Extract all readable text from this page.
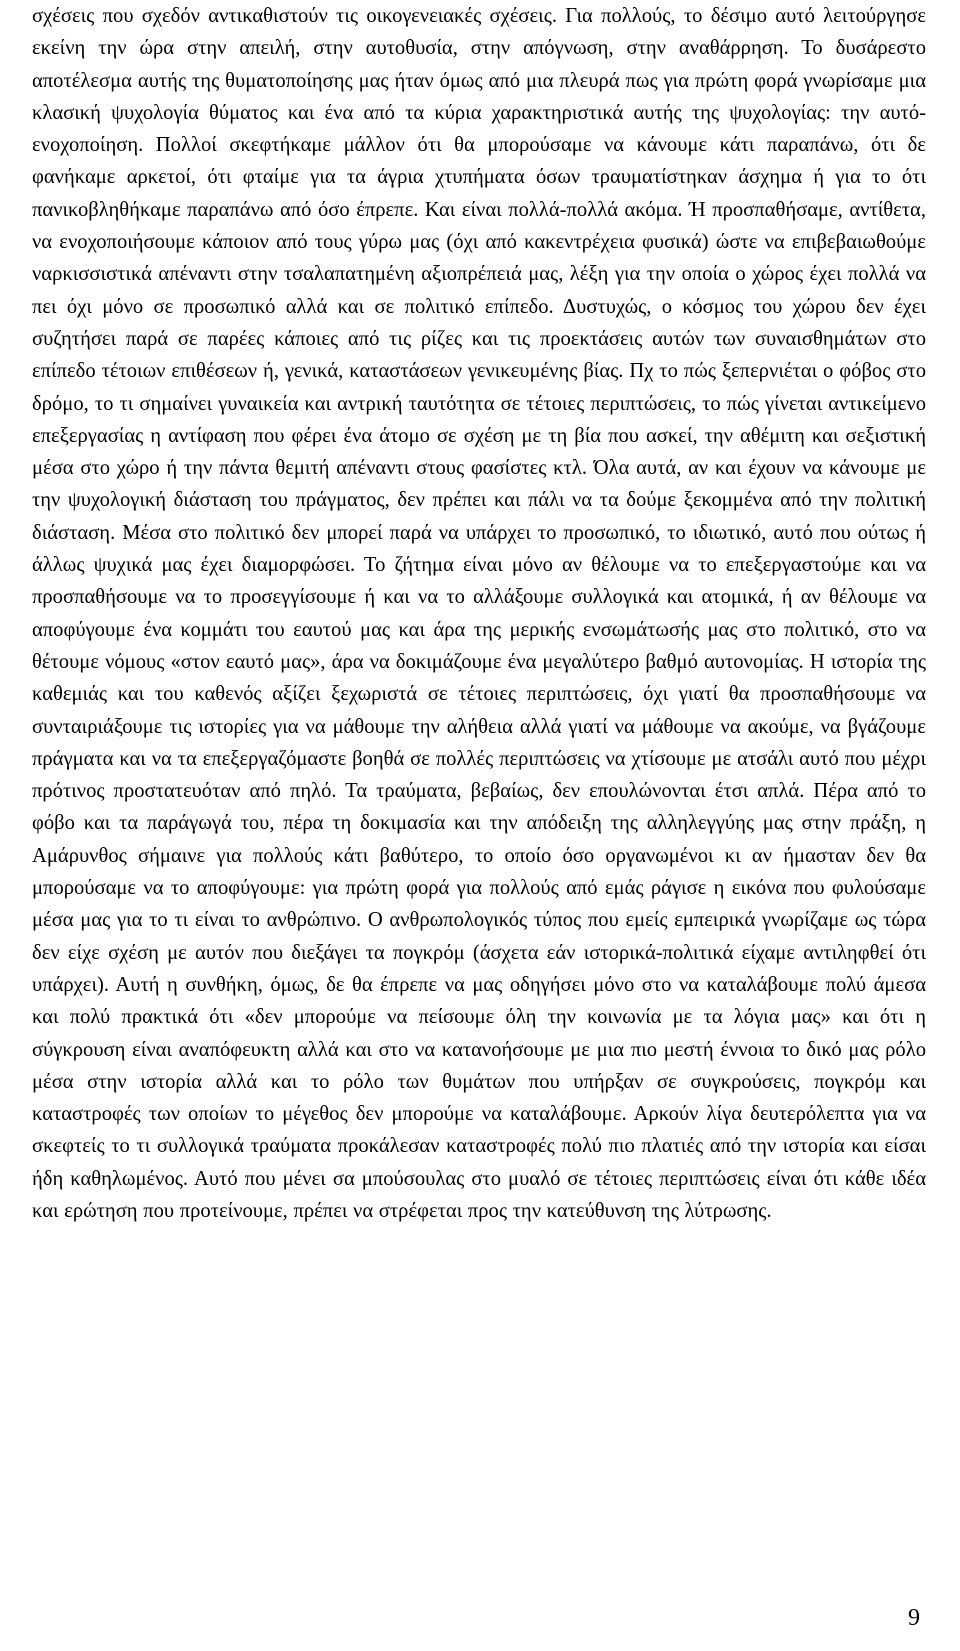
σχέσεις που σχεδόν αντικαθιστούν τις οικογενειακές σχέσεις. Για πολλούς, το δέσιμο αυτό λειτούργησε εκείνη την ώρα στην απειλή, στην αυτοθυσία, στην απόγνωση, στην αναθάρρηση. Το δυσάρεστο αποτέλεσμα αυτής της θυματοποίησης μας ήταν όμως από μια πλευρά πως για πρώτη φορά γνωρίσαμε μια κλασική ψυχολογία θύματος και ένα από τα κύρια χαρακτηριστικά αυτής της ψυχολογίας: την αυτό-ενοχοποίηση. Πολλοί σκεφτήκαμε μάλλον ότι θα μπορούσαμε να κάνουμε κάτι παραπάνω, ότι δε φανήκαμε αρκετοί, ότι φταίμε για τα άγρια χτυπήματα όσων τραυματίστηκαν άσχημα ή για το ότι πανικοβληθήκαμε παραπάνω από όσο έπρεπε. Και είναι πολλά-πολλά ακόμα. Ή προσπαθήσαμε, αντίθετα, να ενοχοποιήσουμε κάποιον από τους γύρω μας (όχι από κακεντρέχεια φυσικά) ώστε να επιβεβαιωθούμε ναρκισσιστικά απέναντι στην τσαλαπατημένη αξιοπρέπειά μας, λέξη για την οποία ο χώρος έχει πολλά να πει όχι μόνο σε προσωπικό αλλά και σε πολιτικό επίπεδο. Δυστυχώς, ο κόσμος του χώρου δεν έχει συζητήσει παρά σε παρέες κάποιες από τις ρίζες και τις προεκτάσεις αυτών των συναισθημάτων στο επίπεδο τέτοιων επιθέσεων ή, γενικά, καταστάσεων γενικευμένης βίας. Πχ το πώς ξεπερνιέται ο φόβος στο δρόμο, το τι σημαίνει γυναικεία και αντρική ταυτότητα σε τέτοιες περιπτώσεις, το πώς γίνεται αντικείμενο επεξεργασίας η αντίφαση που φέρει ένα άτομο σε σχέση με τη βία που ασκεί, την αθέμιτη και σεξιστική μέσα στο χώρο ή την πάντα θεμιτή απέναντι στους φασίστες κτλ. Όλα αυτά, αν και έχουν να κάνουμε με την ψυχολογική διάσταση του πράγματος, δεν πρέπει και πάλι να τα δούμε ξεκομμένα από την πολιτική διάσταση. Μέσα στο πολιτικό δεν μπορεί παρά να υπάρχει το προσωπικό, το ιδιωτικό, αυτό που ούτως ή άλλως ψυχικά μας έχει διαμορφώσει. Το ζήτημα είναι μόνο αν θέλουμε να το επεξεργαστούμε και να προσπαθήσουμε να το προσεγγίσουμε ή και να το αλλάξουμε συλλογικά και ατομικά, ή αν θέλουμε να αποφύγουμε ένα κομμάτι του εαυτού μας και άρα της μερικής ενσωμάτωσής μας στο πολιτικό, στο να θέτουμε νόμους «στον εαυτό μας», άρα να δοκιμάζουμε ένα μεγαλύτερο βαθμό αυτονομίας. Η ιστορία της καθεμιάς και του καθενός αξίζει ξεχωριστά σε τέτοιες περιπτώσεις, όχι γιατί θα προσπαθήσουμε να συνταιριάξουμε τις ιστορίες για να μάθουμε την αλήθεια αλλά γιατί να μάθουμε να ακούμε, να βγάζουμε πράγματα και να τα επεξεργαζόμαστε βοηθά σε πολλές περιπτώσεις να χτίσουμε με ατσάλι αυτό που μέχρι πρότινος προστατευόταν από πηλό. Τα τραύματα, βεβαίως, δεν επουλώνονται έτσι απλά. Πέρα από το φόβο και τα παράγωγά του, πέρα τη δοκιμασία και την απόδειξη της αλληλεγγύης μας στην πράξη, η Αμάρυνθος σήμαινε για πολλούς κάτι βαθύτερο, το οποίο όσο οργανωμένοι κι αν ήμασταν δεν θα μπορούσαμε να το αποφύγουμε: για πρώτη φορά για πολλούς από εμάς ράγισε η εικόνα που φυλούσαμε μέσα μας για το τι είναι το ανθρώπινο. Ο ανθρωπολογικός τύπος που εμείς εμπειρικά γνωρίζαμε ως τώρα δεν είχε σχέση με αυτόν που διεξάγει τα πογκρόμ (άσχετα εάν ιστορικά-πολιτικά είχαμε αντιληφθεί ότι υπάρχει). Αυτή η συνθήκη, όμως, δε θα έπρεπε να μας οδηγήσει μόνο στο να καταλάβουμε πολύ άμεσα και πολύ πρακτικά ότι «δεν μπορούμε να πείσουμε όλη την κοινωνία με τα λόγια μας» και ότι η σύγκρουση είναι αναπόφευκτη αλλά και στο να κατανοήσουμε με μια πιο μεστή έννοια το δικό μας ρόλο μέσα στην ιστορία αλλά και το ρόλο των θυμάτων που υπήρξαν σε συγκρούσεις, πογκρόμ και καταστροφές των οποίων το μέγεθος δεν μπορούμε να καταλάβουμε. Αρκούν λίγα δευτερόλεπτα για να σκεφτείς το τι συλλογικά τραύματα προκάλεσαν καταστροφές πολύ πιο πλατιές από την ιστορία και είσαι ήδη καθηλωμένος. Αυτό που μένει σα μπούσουλας στο μυαλό σε τέτοιες περιπτώσεις είναι ότι κάθε ιδέα και ερώτηση που προτείνουμε, πρέπει να στρέφεται προς την κατεύθυνση της λύτρωσης.

9
